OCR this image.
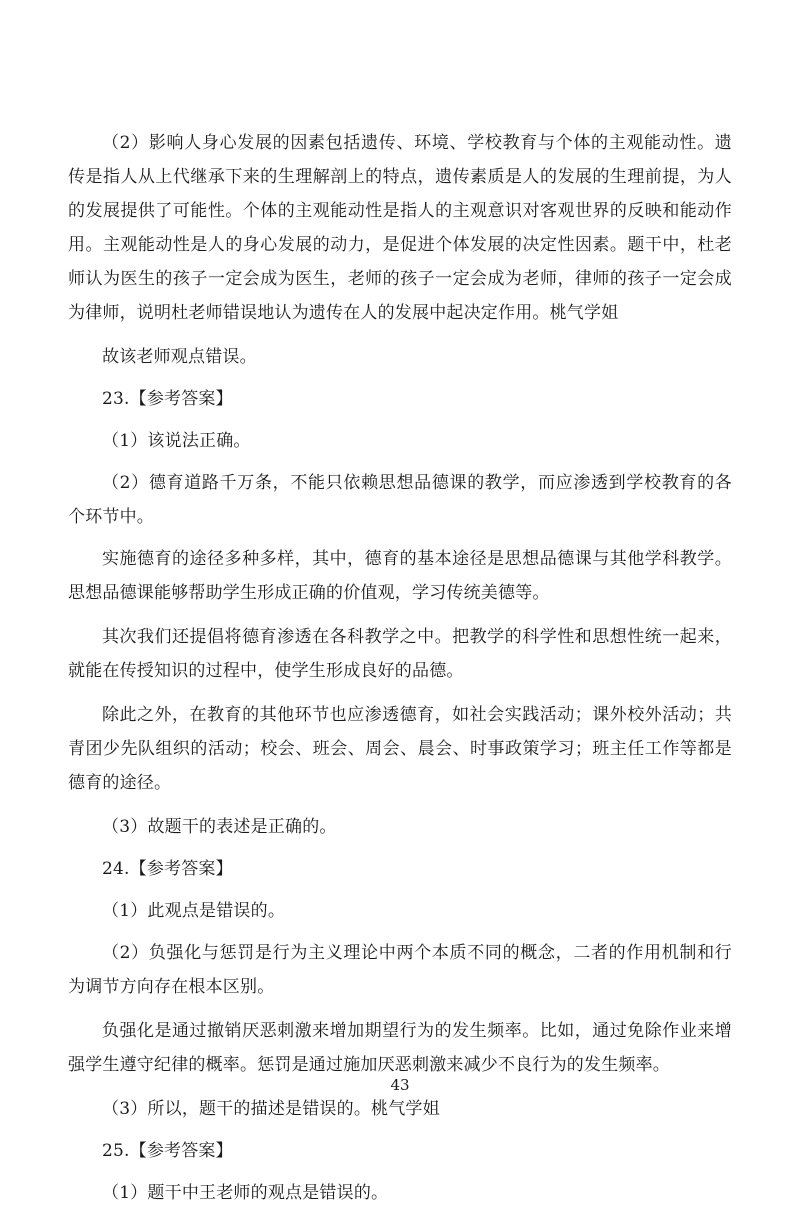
（2）影响人身心发展的因素包括遗传、环境、学校教育与个体的主观能动性。遗传是指人从上代继承下来的生理解剖上的特点，遗传素质是人的发展的生理前提，为人的发展提供了可能性。个体的主观能动性是指人的主观意识对客观世界的反映和能动作用。主观能动性是人的身心发展的动力，是促进个体发展的决定性因素。题干中，杜老师认为医生的孩子一定会成为医生，老师的孩子一定会成为老师，律师的孩子一定会成为律师，说明杜老师错误地认为遗传在人的发展中起决定作用。桃气学姐

故该老师观点错误。

23.【参考答案】

（1）该说法正确。

（2）德育道路千万条，不能只依赖思想品德课的教学，而应渗透到学校教育的各个环节中。

实施德育的途径多种多样，其中，德育的基本途径是思想品德课与其他学科教学。思想品德课能够帮助学生形成正确的价值观，学习传统美德等。

其次我们还提倡将德育渗透在各科教学之中。把教学的科学性和思想性统一起来，就能在传授知识的过程中，使学生形成良好的品德。

除此之外，在教育的其他环节也应渗透德育，如社会实践活动；课外校外活动；共青团少先队组织的活动；校会、班会、周会、晨会、时事政策学习；班主任工作等都是德育的途径。

（3）故题干的表述是正确的。

24.【参考答案】

（1）此观点是错误的。

（2）负强化与惩罚是行为主义理论中两个本质不同的概念，二者的作用机制和行为调节方向存在根本区别。

负强化是通过撤销厌恶刺激来增加期望行为的发生频率。比如，通过免除作业来增强学生遵守纪律的概率。惩罚是通过施加厌恶刺激来减少不良行为的发生频率。

（3）所以，题干的描述是错误的。桃气学姐

25.【参考答案】

（1）题干中王老师的观点是错误的。

43
